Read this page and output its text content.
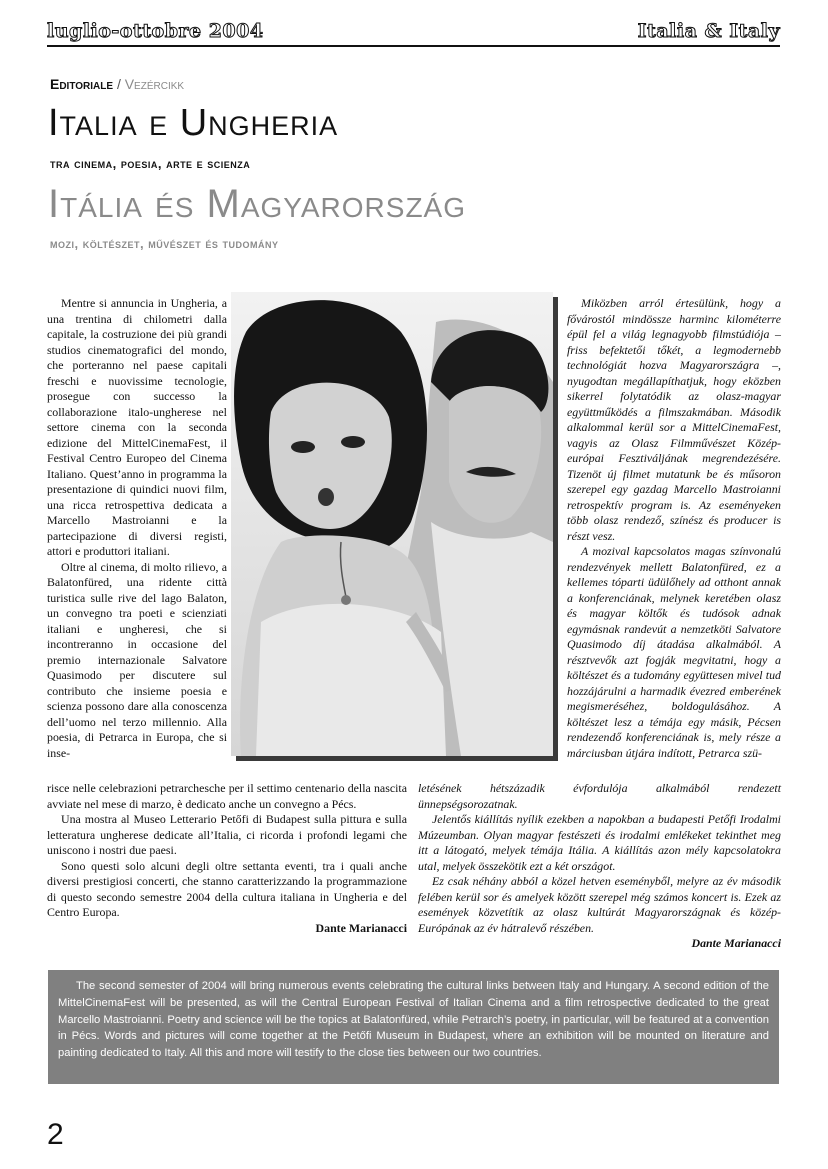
luglio-ottobre 2004	Italia & Italy
Editoriale / Vezércikk
Italia e Ungheria
tra cinema, poesia, arte e scienza
Itália és Magyarország
mozi, költészet, művészet és tudomány

Mentre si annuncia in Ungheria, a una trentina di chilometri dalla capitale, la costruzione dei più grandi studios cinematografici del mondo, che porteranno nel paese capitali freschi e nuovissime tecnologie, prosegue con successo la collaborazione italo-ungherese nel settore cinema con la seconda edizione del MittelCinemaFest, il Festival Centro Europeo del Cinema Italiano. Quest’anno in programma la presentazione di quindici nuovi film, una ricca retrospettiva dedicata a Marcello Mastroianni e la partecipazione di diversi registi, attori e produttori italiani.

Oltre al cinema, di molto rilievo, a Balatonfüred, una ridente città turistica sulle rive del lago Balaton, un convegno tra poeti e scienziati italiani e ungheresi, che si incontreranno in occasione del premio internazionale Salvatore Quasimodo per discutere sul contributo che insieme poesia e scienza possono dare alla conoscenza dell’uomo nel terzo millennio. Alla poesia, di Petrarca in Europa, che si inse-

Miközben arról értesülünk, hogy a fővárostól mindössze harminc kilométerre épül fel a világ legnagyobb filmstúdiója – friss befektetői tőkét, a legmodernebb technológiát hozva Magyarországra –, nyugodtan megállapíthatjuk, hogy eközben sikerrel folytatódik az olasz-magyar együttműködés a filmszakmában. Második alkalommal kerül sor a MittelCinemaFest, vagyis az Olasz Filmművészet Közép-európai Fesztiváljának megrendezésére. Tizenöt új filmet mutatunk be és műsoron szerepel egy gazdag Marcello Mastroianni retrospektív program is. Az eseményeken több olasz rendező, színész és producer is részt vesz.

A mozival kapcsolatos magas színvonalú rendezvények mellett Balatonfüred, ez a kellemes tóparti üdülőhely ad otthont annak a konferenciának, melynek keretében olasz és magyar költők és tudósok adnak egymásnak randevút a nemzetköti Salvatore Quasimodo díj átadása alkalmából. A résztvevők azt fogják megvitatni, hogy a költészet és a tudomány együttesen mivel tud hozzájárulni a harmadik évezred emberének megismeréséhez, boldogulásához. A költészet lesz a témája egy másik, Pécsen rendezendő konferenciának is, mely része a márciusban útjára indított, Petrarca szü-

risce nelle celebrazioni petrarchesche per il settimo centenario della nascita avviate nel mese di marzo, è dedicato anche un convegno a Pécs.

Una mostra al Museo Letterario Petőfi di Budapest sulla pittura e sulla letteratura ungherese dedicate all’Italia, ci ricorda i profondi legami che uniscono i nostri due paesi.

Sono questi solo alcuni degli oltre settanta eventi, tra i quali anche diversi prestigiosi concerti, che stanno caratterizzando la programmazione di questo secondo semestre 2004 della cultura italiana in Ungheria e del Centro Europa.

Dante Marianacci

letésének hétszázadik évfordulója alkalmából rendezett ünnepségsorozatnak.

Jelentős kiállítás nyílik ezekben a napokban a budapesti Petőfi Irodalmi Múzeumban. Olyan magyar festészeti és irodalmi emlékeket tekinthet meg itt a látogató, melyek témája Itália. A kiállítás azon mély kapcsolatokra utal, melyek összekötik ezt a két országot.

Ez csak néhány abból a közel hetven eseményből, melyre az év második felében kerül sor és amelyek között szerepel még számos koncert is. Ezek az események közvetítik az olasz kultúrát Magyarországnak és közép-Európának az év hátralevő részében.

Dante Marianacci

The second semester of 2004 will bring numerous events celebrating the cultural links between Italy and Hungary. A second edition of the MittelCinemaFest will be presented, as will the Central European Festival of Italian Cinema and a film retrospective dedicated to the great Marcello Mastroianni. Poetry and science will be the topics at Balatonfüred, while Petrarch’s poetry, in particular, will be featured at a convention in Pécs. Words and pictures will come together at the Petőfi Museum in Budapest, where an exhibition will be mounted on literature and painting dedicated to Italy. All this and more will testify to the close ties between our two countries.

2
